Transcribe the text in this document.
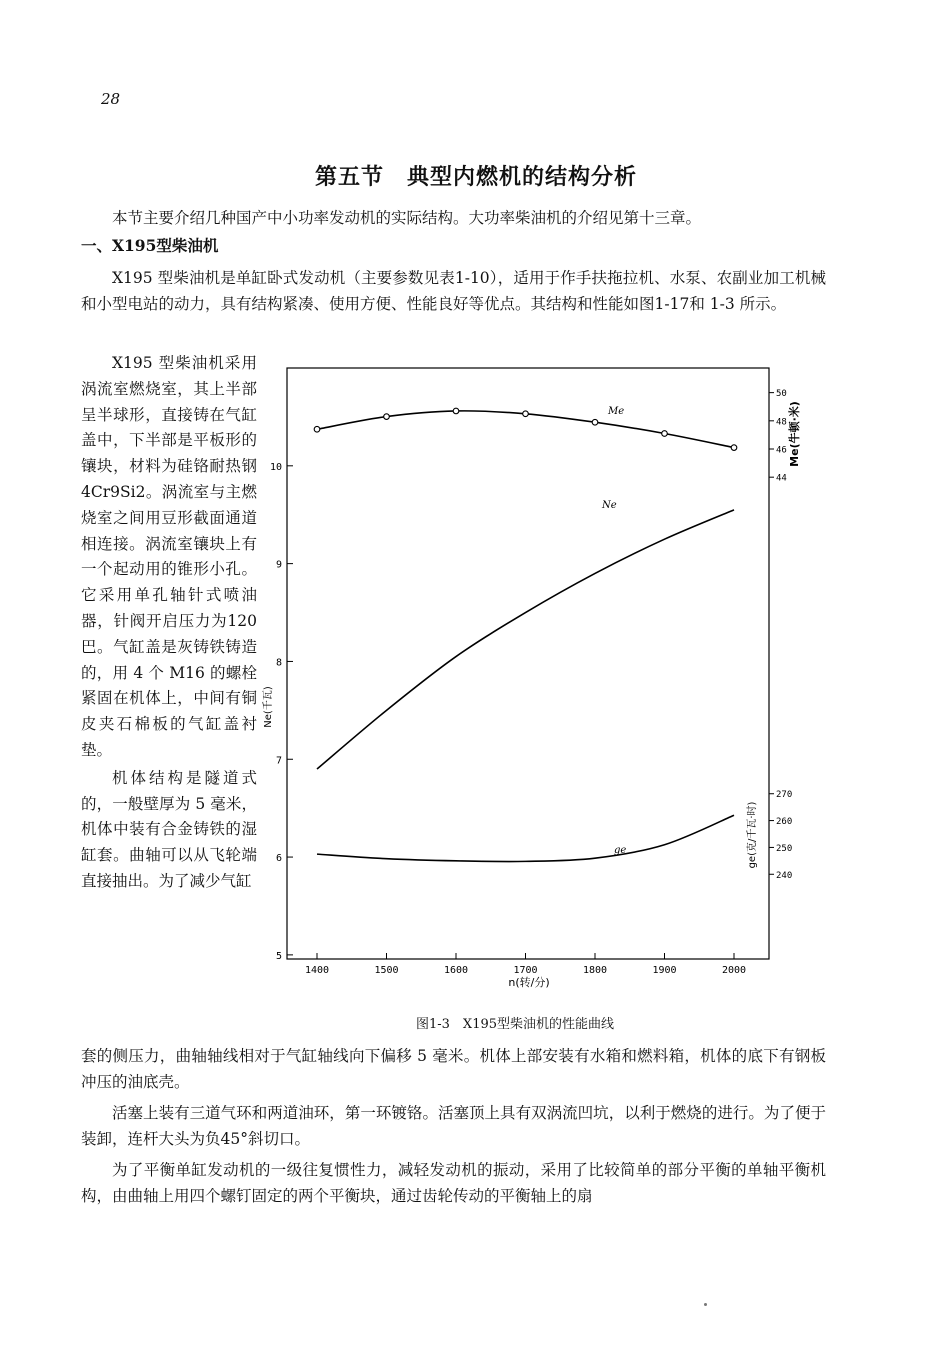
28
第五节　典型内燃机的结构分析
本节主要介绍几种国产中小功率发动机的实际结构。大功率柴油机的介绍见第十三章。
一、X195型柴油机
X195 型柴油机是单缸卧式发动机（主要参数见表1-10），适用于作手扶拖拉机、水泵、农副业加工机械和小型电站的动力，具有结构紧凑、使用方便、性能良好等优点。其结构和性能如图1-17和 1-3 所示。

X195 型柴油机采用涡流室燃烧室，其上半部呈半球形，直接铸在气缸盖中，下半部是平板形的镶块，材料为硅铬耐热钢 4Cr9Si2。涡流室与主燃烧室之间用豆形截面通道相连接。涡流室镶块上有一个起动用的锥形小孔。它采用单孔轴针式喷油器，针阀开启压力为120巴。气缸盖是灰铸铁铸造的，用 4 个 M16 的螺栓紧固在机体上，中间有铜皮夹石棉板的气缸盖衬垫。

机体结构是隧道式的，一般壁厚为 5 毫米，机体中装有合金铸铁的湿缸套。曲轴可以从飞轮端直接抽出。为了减少气缸

1400	1500	1600	1700	1800	1900	2000
n(转/分)
5
6
7
8
9
10
Ne(千瓦)
44
46
48
50
240
250
260
270
Me(牛顿·米)
ge(克/千瓦·时)
Me
Ne
ge
图1-3　X195型柴油机的性能曲线

套的侧压力，曲轴轴线相对于气缸轴线向下偏移 5 毫米。机体上部安装有水箱和燃料箱，机体的底下有钢板冲压的油底壳。

活塞上装有三道气环和两道油环，第一环镀铬。活塞顶上具有双涡流凹坑，以利于燃烧的进行。为了便于装卸，连杆大头为负45°斜切口。

为了平衡单缸发动机的一级往复惯性力，减轻发动机的振动，采用了比较简单的部分平衡的单轴平衡机构，由曲轴上用四个螺钉固定的两个平衡块，通过齿轮传动的平衡轴上的扇
